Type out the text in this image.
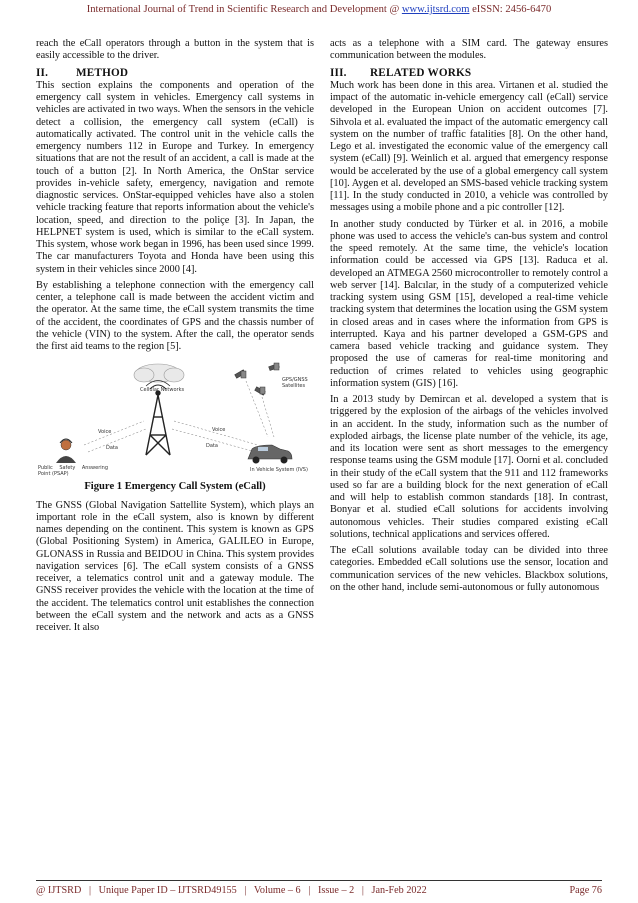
International Journal of Trend in Scientific Research and Development @ www.ijtsrd.com eISSN: 2456-6470

reach the eCall operators through a button in the system that is easily accessible to the driver.

II. METHOD

This section explains the components and operation of the emergency call system in vehicles. Emergency call systems in vehicles are activated in two ways. When the sensors in the vehicle detect a collision, the emergency call system (eCall) is automatically activated. The control unit in the vehicle calls the emergency numbers 112 in Europe and Turkey. In emergency situations that are not the result of an accident, a call is made at the touch of a button [2]. In North America, the OnStar service provides in-vehicle safety, emergency, navigation and remote diagnostic services. OnStar-equipped vehicles have also a stolen vehicle tracking feature that reports information about the vehicle's location, speed, and direction to the poliçe [3]. In Japan, the HELPNET system is used, which is similar to the eCall system. This system, whose work began in 1996, has been used since 1999. The car manufacturers Toyota and Honda have been using this system in their vehicles since 2000 [4].

By establishing a telephone connection with the emergency call center, a telephone call is made between the accident victim and the operator. At the same time, the eCall system transmits the time of the accident, the coordinates of GPS and the chassis number of the vehicle (VIN) to the system. After the call, the operator sends the first aid teams to the region [5].

Cellular Networks
GPS/GNSS Satellites
Public Safety Answering Point (PSAP)
In Vehicle System (IVS)
Voice
Data
Voice
Data
Figure 1 Emergency Call System (eCall)

The GNSS (Global Navigation Sattellite System), which plays an important role in the eCall system, also is known by different names depending on the continent. This system is known as GPS (Global Positioning System) in America, GALILEO in Europe, GLONASS in Russia and BEIDOU in China. This system provides navigation services [6]. The eCall system consists of a GNSS receiver, a telematics control unit and a gateway module. The GNSS receiver provides the vehicle with the location at the time of the accident. The telematics control unit establishes the connection between the eCall system and the network and acts as a GNSS receiver. It also

acts as a telephone with a SIM card. The gateway ensures communication between the modules.

III. RELATED WORKS

Much work has been done in this area. Virtanen et al. studied the impact of the automatic in-vehicle emergency call (eCall) service developed in the European Union on accident outcomes [7]. Sihvola et al. evaluated the impact of the automatic emergency call system on the number of traffic fatalities [8]. On the other hand, Lego et al. investigated the economic value of the emergency call system (eCall) [9]. Weinlich et al. argued that emergency response would be accelerated by the use of a global emergency call system [10]. Aygen et al. developed an SMS-based vehicle tracking system [11]. In the study conducted in 2010, a vehicle was controlled by messages using a mobile phone and a pic controller [12].

In another study conducted by Türker et al. in 2016, a mobile phone was used to access the vehicle's can-bus system and control the speed remotely. At the same time, the vehicle's location information could be accessed via GPS [13]. Raduca et al. developed an ATMEGA 2560 microcontroller to remotely control a web server [14]. Balcılar, in the study of a computerized vehicle tracking system using GSM [15], developed a real-time vehicle tracking system that determines the location using the GSM system in closed areas and in cases where the information from GPS is interrupted. Kaya and his partner developed a GSM-GPS and camera based vehicle tracking and guidance system. They proposed the use of cameras for real-time monitoring and reduction of crimes related to vehicles using geographic information system (GIS) [16].

In a 2013 study by Demircan et al. developed a system that is triggered by the explosion of the airbags of the vehicles involved in an accident. In the study, information such as the number of exploded airbags, the license plate number of the vehicle, its age, and its location were sent as short messages to the emergency response teams using the GSM module [17]. Oorni et al. concluded in their study of the eCall system that the 911 and 112 frameworks used so far are a building block for the next generation of eCall and will help to establish common standards [18]. In contrast, Bonyar et al. studied eCall solutions for accidents involving autonomous vehicles. Their studies compared existing eCall solutions, technical applications and services offered.

The eCall solutions available today can be divided into three categories. Embedded eCall solutions use the sensor, location and communication services of the new vehicles. Blackbox solutions, on the other hand, include semi-autonomous or fully autonomous

@ IJTSRD   |   Unique Paper ID – IJTSRD49155   |   Volume – 6   |   Issue – 2   |   Jan-Feb 2022	Page 76
